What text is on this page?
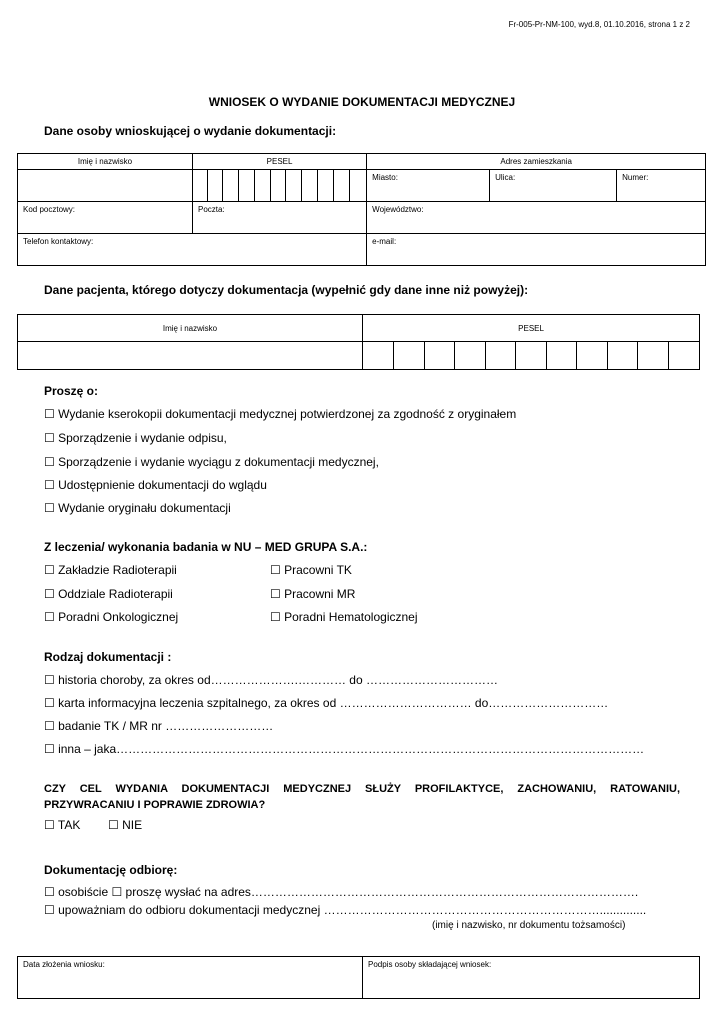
Fr-005-Pr-NM-100, wyd.8, 01.10.2016, strona 1 z 2
WNIOSEK O WYDANIE DOKUMENTACJI MEDYCZNEJ
Dane osoby wnioskującej o wydanie dokumentacji:
Imię i nazwisko	PESEL											Adres zamieszkania		

												Miasto:	Ulica:	Numer:

Kod pocztowy:	Poczta:											Województwo:		

Telefon kontaktowy:												e-mail:		
Dane pacjenta, którego dotyczy dokumentacja (wypełnić gdy dane inne niż powyżej):
Imię i nazwisko	PESEL										

Proszę o:
☐ Wydanie kserokopii dokumentacji medycznej potwierdzonej za zgodność z oryginałem
☐ Sporządzenie i wydanie odpisu,
☐ Sporządzenie i wydanie wyciągu z dokumentacji medycznej,
☐ Udostępnienie dokumentacji do wglądu
☐ Wydanie oryginału dokumentacji
Z leczenia/ wykonania badania w NU – MED GRUPA S.A.:
☐ Zakładzie Radioterapii
☐ Oddziale Radioterapii
☐ Poradni Onkologicznej
☐ Pracowni TK
☐ Pracowni MR
☐ Poradni Hematologicznej
Rodzaj dokumentacji :
☐ historia choroby, za okres od………………….………… do ……………………………
☐ karta informacyjna leczenia szpitalnego, za okres od …………………………… do…………………………
☐ badanie TK / MR nr ………………………
☐ inna – jaka……………………………………………………………………………………………………………………
CZY CEL WYDANIA DOKUMENTACJI MEDYCZNEJ SŁUŻY PROFILAKTYCE, ZACHOWANIU, RATOWANIU,
PRZYWRACANIU I POPRAWIE ZDROWIA?
☐ TAK ☐ NIE
Dokumentację odbiorę:
☐ osobiście ☐ proszę wysłać na adres…………………………………………………………………………………….
☐ upoważniam do odbioru dokumentacji medycznej ……………………………………………………………..............
(imię i nazwisko, nr dokumentu tożsamości)
Data złożenia wniosku:	Podpis osoby składającej wniosek:
